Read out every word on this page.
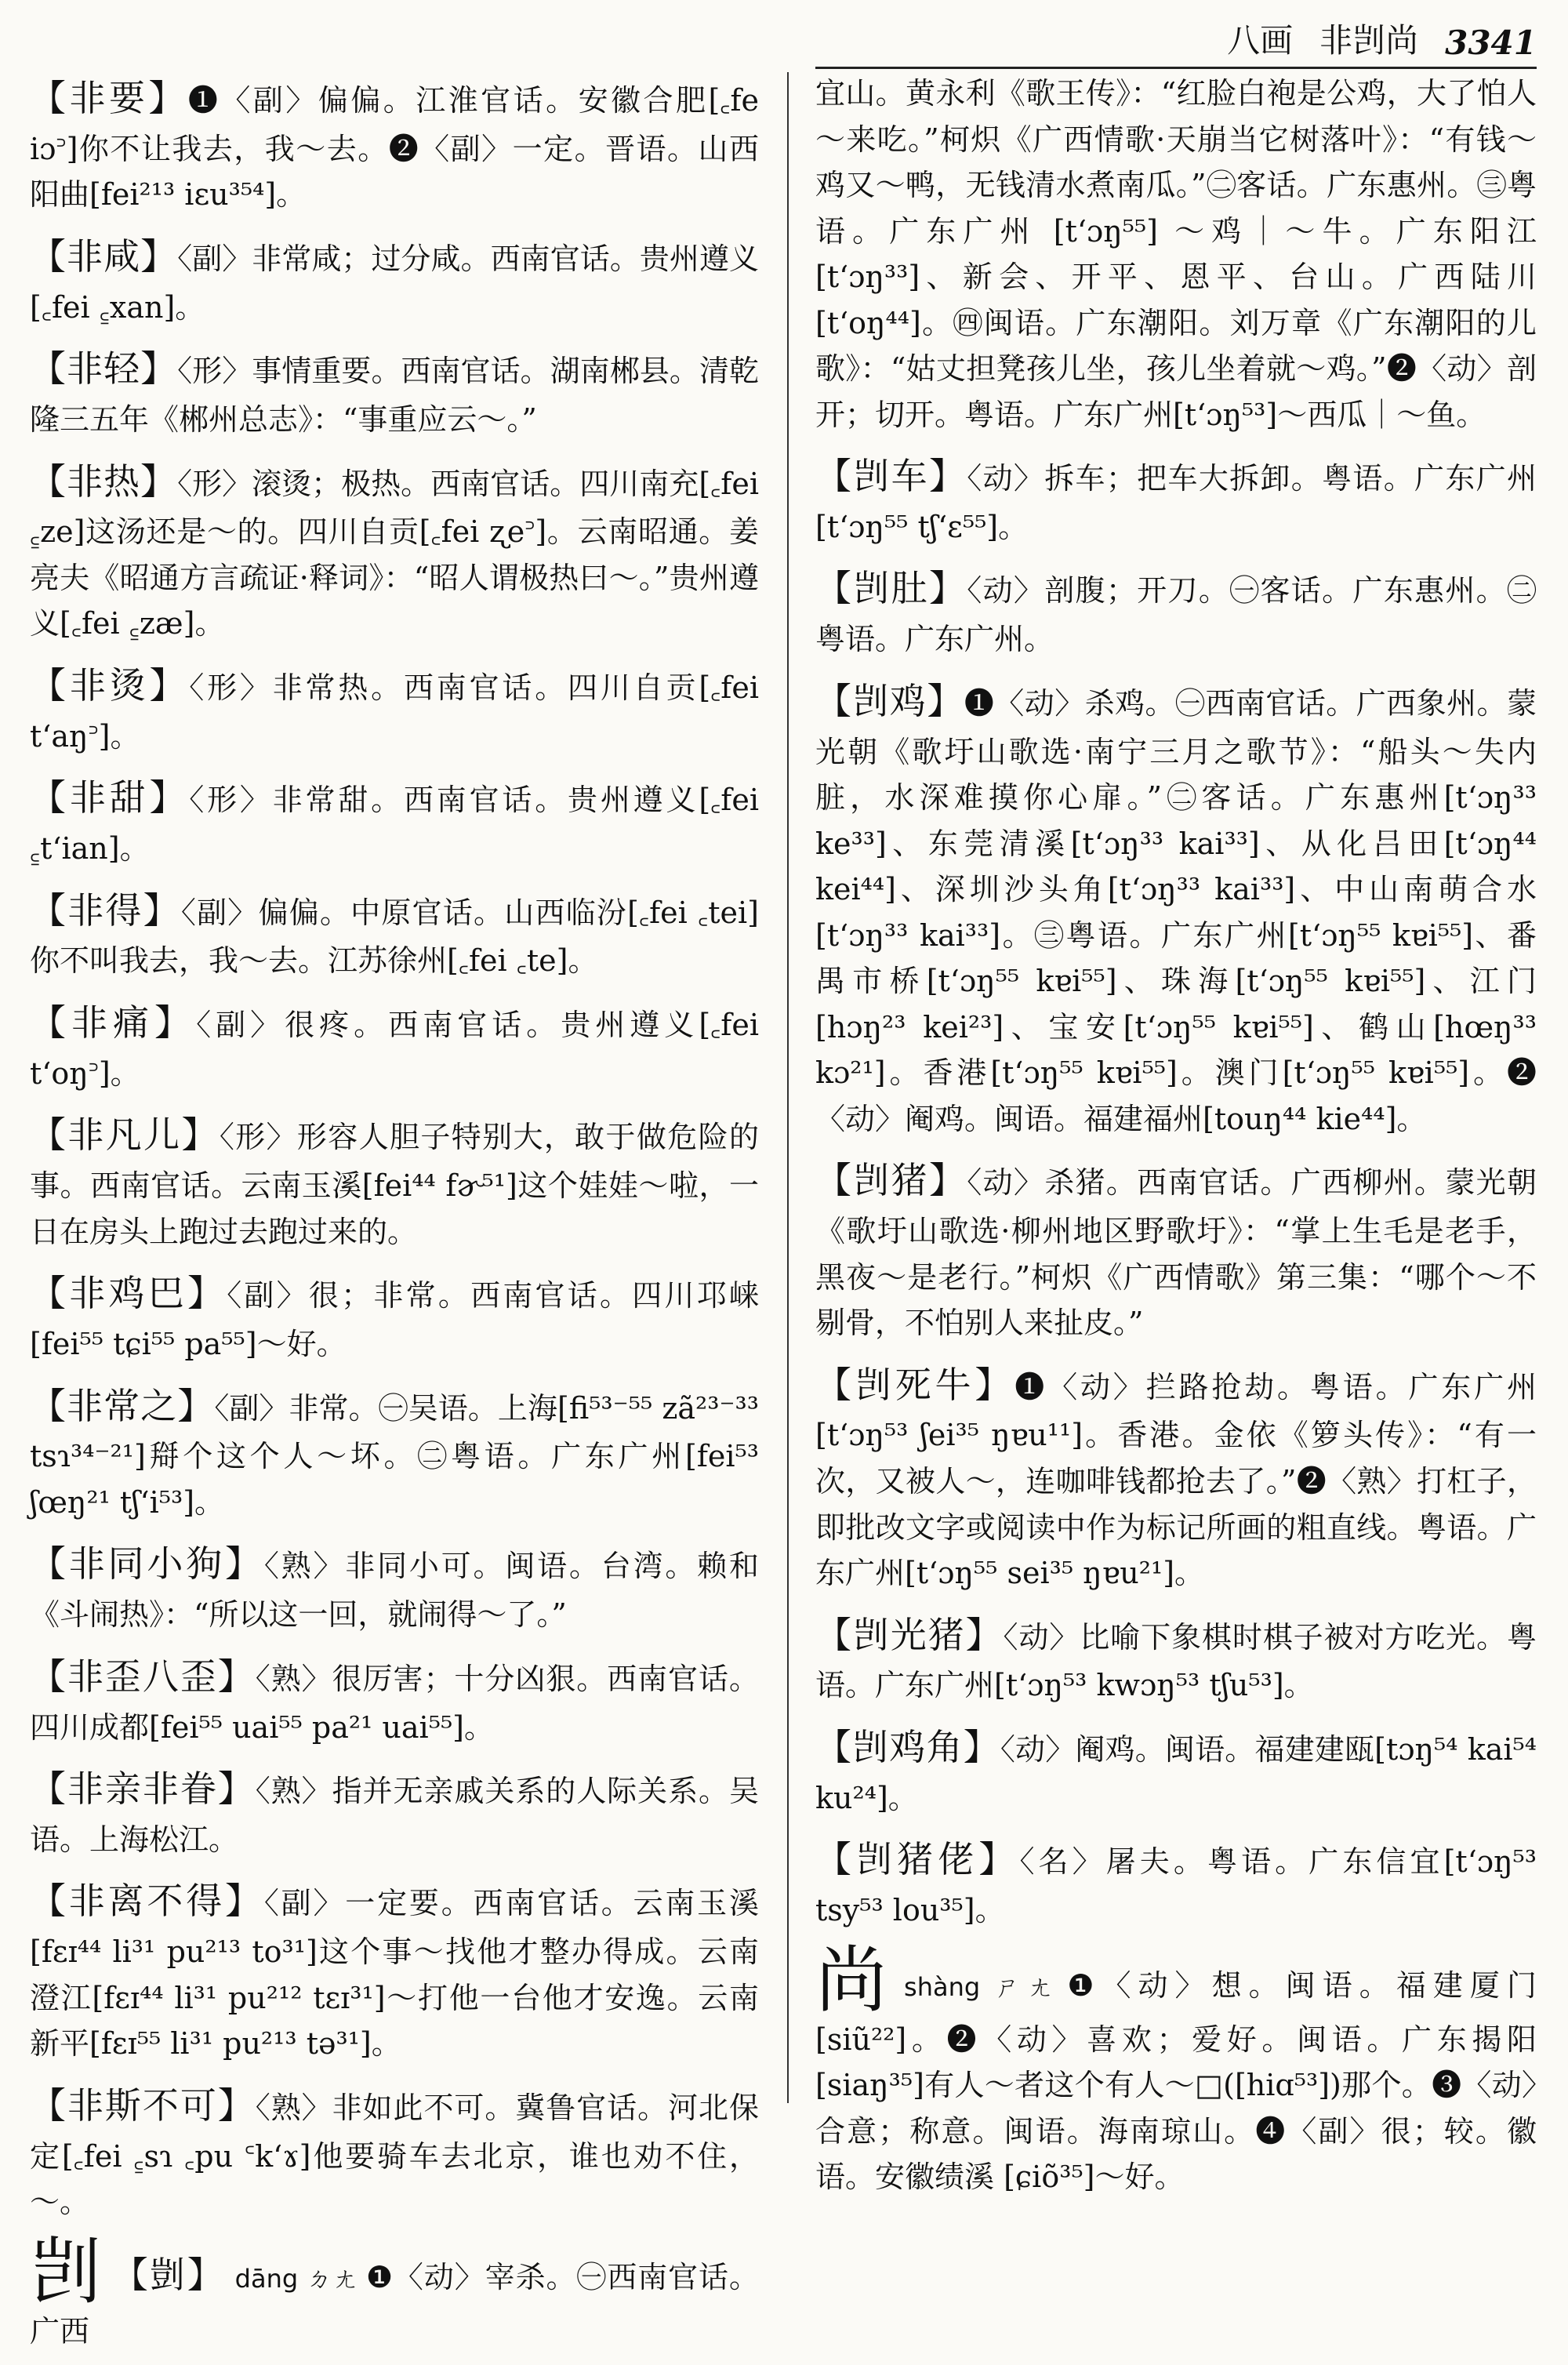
八画 非剀尚 3341
【非要】❶〈副〉偏偏。江淮官话。安徽合肥[꜀fe iɔ꜄]你不让我去，我～去。❷〈副〉一定。晋语。山西阳曲[fei²¹³ iɛu³⁵⁴]。
【非咸】〈副〉非常咸；过分咸。西南官话。贵州遵义[꜀fei ꜁xan]。
【非轻】〈形〉事情重要。西南官话。湖南郴县。清乾隆三五年《郴州总志》：“事重应云～。”
【非热】〈形〉滚烫；极热。西南官话。四川南充[꜀fei ꜁ze]这汤还是～的。四川自贡[꜀fei ʐe꜄]。云南昭通。姜亮夫《昭通方言疏证·释词》：“昭人谓极热曰～。”贵州遵义[꜀fei ꜁zæ]。
【非烫】〈形〉非常热。西南官话。四川自贡[꜀fei t‘aŋ꜄]。
【非甜】〈形〉非常甜。西南官话。贵州遵义[꜀fei ꜁t‘ian]。
【非得】〈副〉偏偏。中原官话。山西临汾[꜀fei ꜀tei]你不叫我去，我～去。江苏徐州[꜀fei ꜀te]。
【非痛】〈副〉很疼。西南官话。贵州遵义[꜀fei t‘oŋ꜄]。
【非凡儿】〈形〉形容人胆子特别大，敢于做危险的事。西南官话。云南玉溪[fei⁴⁴ fɚ⁵¹]这个娃娃～啦，一日在房头上跑过去跑过来的。
【非鸡巴】〈副〉很；非常。西南官话。四川邛崃[fei⁵⁵ tɕi⁵⁵ pa⁵⁵]～好。
【非常之】〈副〉非常。㊀吴语。上海[fi⁵³⁻⁵⁵ zã²³⁻³³ tsɿ³⁴⁻²¹]搿个这个人～坏。㊁粤语。广东广州[fei⁵³ ʃœŋ²¹ tʃ‘i⁵³]。
【非同小狗】〈熟〉非同小可。闽语。台湾。赖和《斗闹热》：“所以这一回，就闹得～了。”
【非歪八歪】〈熟〉很厉害；十分凶狠。西南官话。四川成都[fei⁵⁵ uai⁵⁵ pa²¹ uai⁵⁵]。
【非亲非眷】〈熟〉指并无亲戚关系的人际关系。吴语。上海松江。
【非离不得】〈副〉一定要。西南官话。云南玉溪[fɛɪ⁴⁴ li³¹ pu²¹³ to³¹]这个事～找他才整办得成。云南澄江[fɛɪ⁴⁴ li³¹ pu²¹² tɛɪ³¹]～打他一台他才安逸。云南新平[fɛɪ⁵⁵ li³¹ pu²¹³ tə³¹]。
【非斯不可】〈熟〉非如此不可。冀鲁官话。河北保定[꜀fei ꜁sɿ ꜀pu ꜂k‘ɤ]他要骑车去北京，谁也劝不住，～。
剀 【剴】 dāng ㄉㄤ ❶〈动〉宰杀。㊀西南官话。广西
宜山。黄永利《歌王传》：“红脸白袍是公鸡，大了怕人～来吃。”柯炽《广西情歌·天崩当它树落叶》：“有钱～鸡又～鸭，无钱清水煮南瓜。”㊁客话。广东惠州。㊂粤语。广东广州 [t‘ɔŋ⁵⁵] ～鸡｜～牛。广东阳江[t‘ɔŋ³³]、新会、开平、恩平、台山。广西陆川[t‘oŋ⁴⁴]。㊃闽语。广东潮阳。刘万章《广东潮阳的儿歌》：“姑丈担凳孩儿坐，孩儿坐着就～鸡。”❷〈动〉剖开；切开。粤语。广东广州[t‘ɔŋ⁵³]～西瓜｜～鱼。
【剀车】〈动〉拆车；把车大拆卸。粤语。广东广州[t‘ɔŋ⁵⁵ tʃ‘ɛ⁵⁵]。
【剀肚】〈动〉剖腹；开刀。㊀客话。广东惠州。㊁粤语。广东广州。
【剀鸡】❶〈动〉杀鸡。㊀西南官话。广西象州。蒙光朝《歌圩山歌选·南宁三月之歌节》：“船头～失内脏，水深难摸你心扉。”㊁客话。广东惠州[t‘ɔŋ³³ ke³³]、东莞清溪[t‘ɔŋ³³ kai³³]、从化吕田[t‘ɔŋ⁴⁴ kei⁴⁴]、深圳沙头角[t‘ɔŋ³³ kai³³]、中山南萌合水[t‘ɔŋ³³ kai³³]。㊂粤语。广东广州[t‘ɔŋ⁵⁵ kɐi⁵⁵]、番禺市桥[t‘ɔŋ⁵⁵ kɐi⁵⁵]、珠海[t‘ɔŋ⁵⁵ kɐi⁵⁵]、江门[hɔŋ²³ kei²³]、宝安[t‘ɔŋ⁵⁵ kɐi⁵⁵]、鹤山[hœŋ³³ kɔ²¹]。香港[t‘ɔŋ⁵⁵ kɐi⁵⁵]。澳门[t‘ɔŋ⁵⁵ kɐi⁵⁵]。❷〈动〉阉鸡。闽语。福建福州[touŋ⁴⁴ kie⁴⁴]。
【剀猪】〈动〉杀猪。西南官话。广西柳州。蒙光朝《歌圩山歌选·柳州地区野歌圩》：“掌上生毛是老手，黑夜～是老行。”柯炽《广西情歌》第三集：“哪个～不剔骨，不怕别人来扯皮。”
【剀死牛】❶〈动〉拦路抢劫。粤语。广东广州[t‘ɔŋ⁵³ ʃei³⁵ ŋɐu¹¹]。香港。金依《箩头传》：“有一次，又被人～，连咖啡钱都抢去了。”❷〈熟〉打杠子，即批改文字或阅读中作为标记所画的粗直线。粤语。广东广州[t‘ɔŋ⁵⁵ sei³⁵ ŋɐu²¹]。
【剀光猪】〈动〉比喻下象棋时棋子被对方吃光。粤语。广东广州[t‘ɔŋ⁵³ kwɔŋ⁵³ tʃu⁵³]。
【剀鸡角】〈动〉阉鸡。闽语。福建建瓯[tɔŋ⁵⁴ kai⁵⁴ ku²⁴]。
【剀猪佬】〈名〉屠夫。粤语。广东信宜[t‘ɔŋ⁵³ tsy⁵³ lou³⁵]。
尚shàng ㄕㄤ ❶〈动〉想。闽语。福建厦门 [siũ²²]。❷〈动〉喜欢；爱好。闽语。广东揭阳 [siaŋ³⁵]有人～者这个有人～□([hiɑ⁵³])那个。❸〈动〉合意；称意。闽语。海南琼山。❹〈副〉很；较。徽语。安徽绩溪 [ɕiõ³⁵]～好。
